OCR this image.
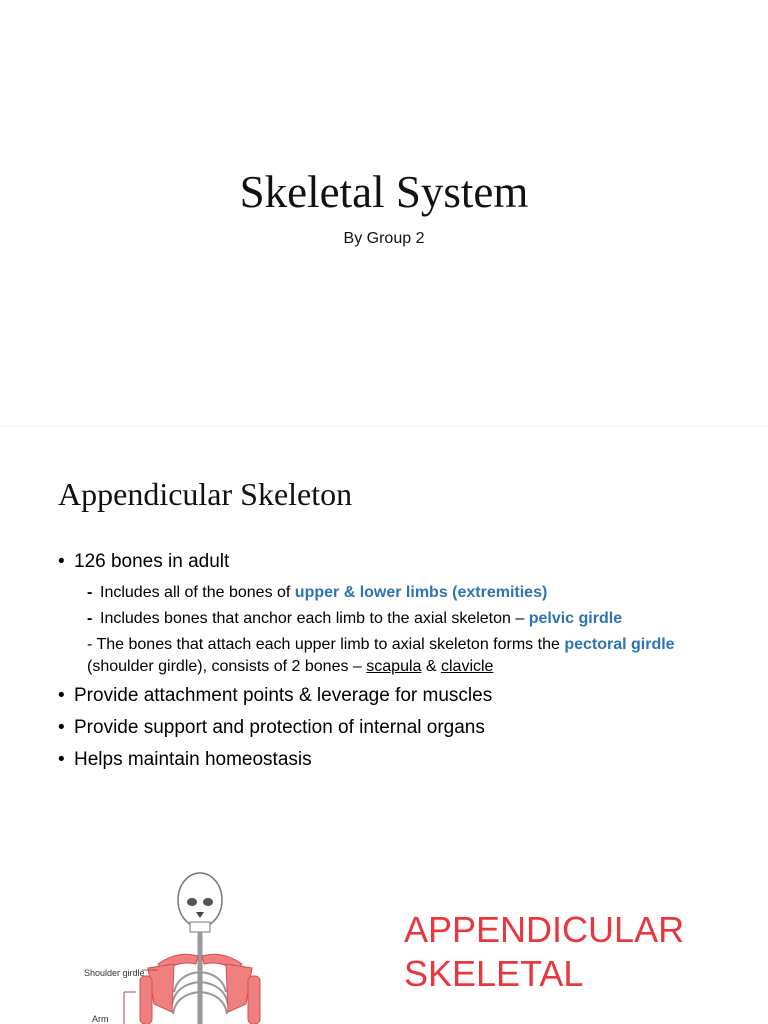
Skeletal System
By Group 2
Appendicular Skeleton
• 126 bones in adult
- Includes all of the bones of upper & lower limbs (extremities)
- Includes bones that anchor each limb to the axial skeleton – pelvic girdle
- The bones that attach each upper limb to axial skeleton forms the pectoral girdle (shoulder girdle), consists of 2 bones – scapula & clavicle
• Provide attachment points & leverage for muscles
• Provide support and protection of internal organs
• Helps maintain homeostasis
Shoulder girdle
Arm
APPENDICULAR
SKELETAL
